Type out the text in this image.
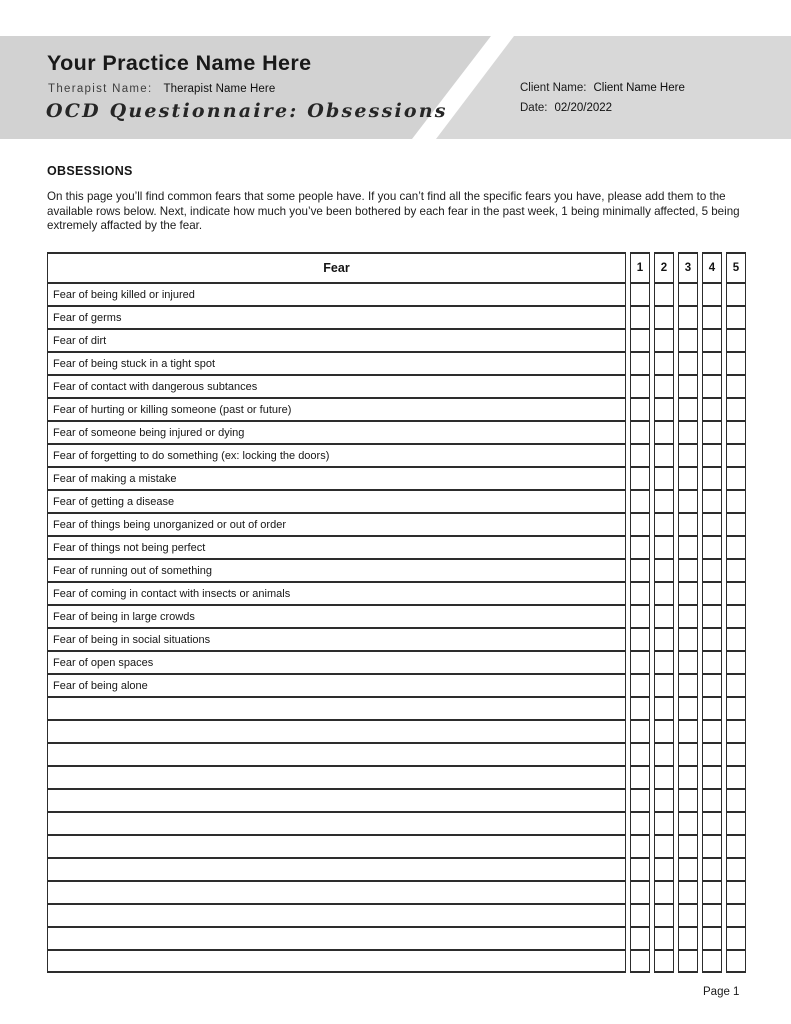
Your Practice Name Here
Therapist Name: Therapist Name Here
OCD Questionnaire: Obsessions
Client Name: Client Name Here
Date: 02/20/2022
OBSESSIONS
On this page you’ll find common fears that some people have. If you can’t find all the specific fears you have, please add them to the available rows below. Next, indicate how much you’ve been bothered by each fear in the past week, 1 being minimally affected, 5 being extremely affacted by the fear.
Fear	1	2	3	4	5
Fear of being killed or injured					
Fear of germs					
Fear of dirt					
Fear of being stuck in a tight spot					
Fear of contact with dangerous subtances					
Fear of hurting or killing someone (past or future)					
Fear of someone being injured or dying					
Fear of forgetting to do something (ex: locking the doors)					
Fear of making a mistake					
Fear of getting a disease					
Fear of things being unorganized or out of order					
Fear of things not being perfect					
Fear of running out of something					
Fear of coming in contact with insects or animals					
Fear of being in large crowds					
Fear of being in social situations					
Fear of open spaces					
Fear of being alone					

Page 1
